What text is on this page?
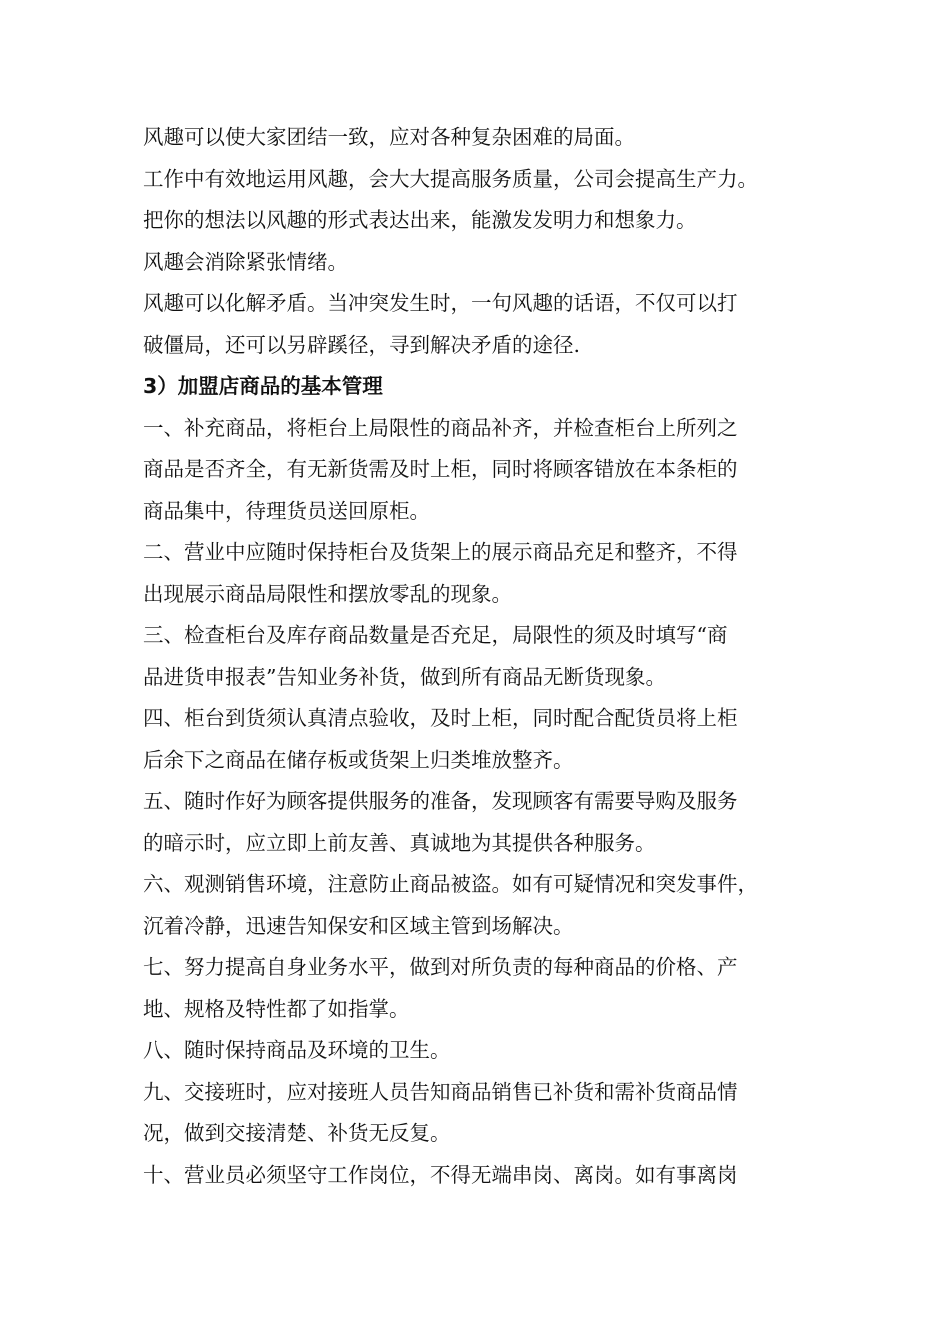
风趣可以使大家团结一致，应对各种复杂困难的局面。
工作中有效地运用风趣，会大大提高服务质量，公司会提高生产力。
把你的想法以风趣的形式表达出来，能激发发明力和想象力。
风趣会消除紧张情绪。
风趣可以化解矛盾。当冲突发生时，一句风趣的话语，不仅可以打
破僵局，还可以另辟蹊径，寻到解决矛盾的途径.
3）加盟店商品的基本管理
一、补充商品，将柜台上局限性的商品补齐，并检查柜台上所列之
商品是否齐全，有无新货需及时上柜，同时将顾客错放在本条柜的
商品集中，待理货员送回原柜。
二、营业中应随时保持柜台及货架上的展示商品充足和整齐，不得
出现展示商品局限性和摆放零乱的现象。
三、检查柜台及库存商品数量是否充足，局限性的须及时填写“商
品进货申报表”告知业务补货，做到所有商品无断货现象。
四、柜台到货须认真清点验收，及时上柜，同时配合配货员将上柜
后余下之商品在储存板或货架上归类堆放整齐。
五、随时作好为顾客提供服务的准备，发现顾客有需要导购及服务
的暗示时，应立即上前友善、真诚地为其提供各种服务。
六、观测销售环境，注意防止商品被盗。如有可疑情况和突发事件，
沉着冷静，迅速告知保安和区域主管到场解决。
七、努力提高自身业务水平，做到对所负责的每种商品的价格、产
地、规格及特性都了如指掌。
八、随时保持商品及环境的卫生。
九、交接班时，应对接班人员告知商品销售已补货和需补货商品情
况，做到交接清楚、补货无反复。
十、营业员必须坚守工作岗位，不得无端串岗、离岗。如有事离岗
